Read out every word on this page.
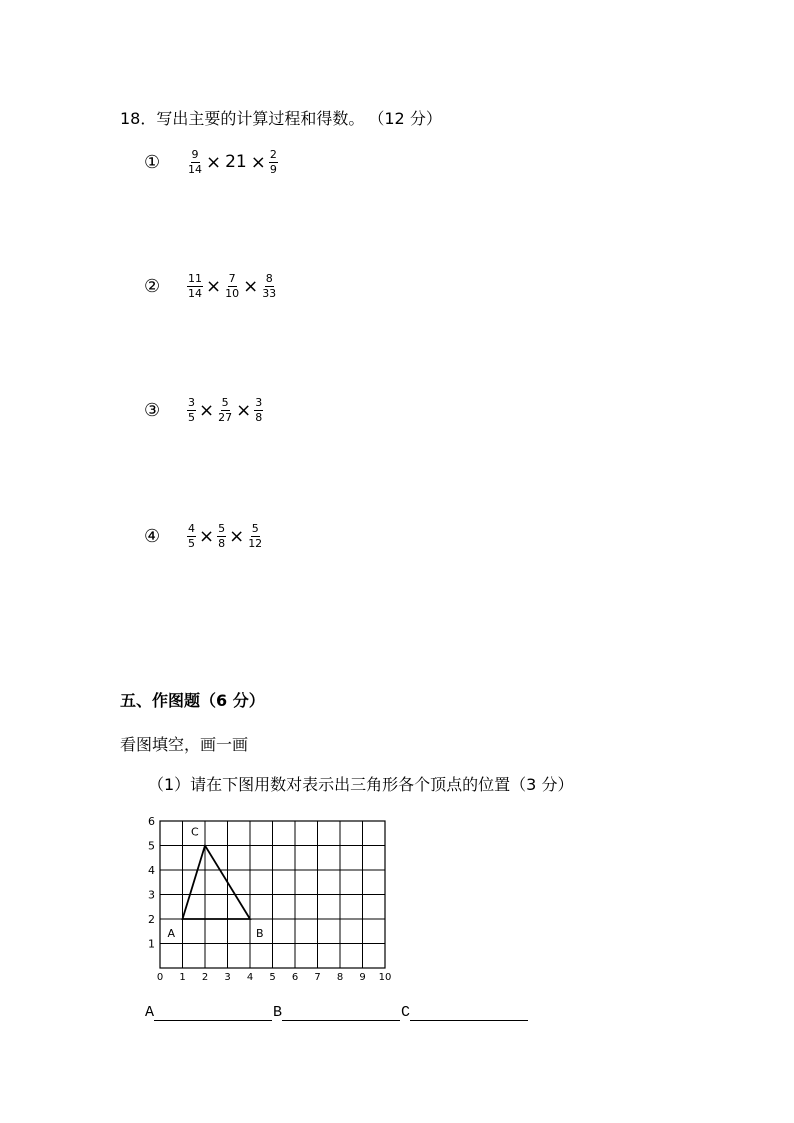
18．写出主要的计算过程和得数。 （12 分）
①	$\frac{9}{14} \times 21 \times \frac{2}{9}$
②	$\frac{11}{14} \times \frac{7}{10} \times \frac{8}{33}$
③	$\frac{3}{5} \times \frac{5}{27} \times \frac{3}{8}$
④	$\frac{4}{5} \times \frac{5}{8} \times \frac{5}{12}$
五、作图题（6 分）
看图填空，画一画
（1）请在下图用数对表示出三角形各个顶点的位置（3 分）
0 1 2 3 4 5 6 7 8 9 10
1
2
3
4
5
6
A	B
C
A	B	C
